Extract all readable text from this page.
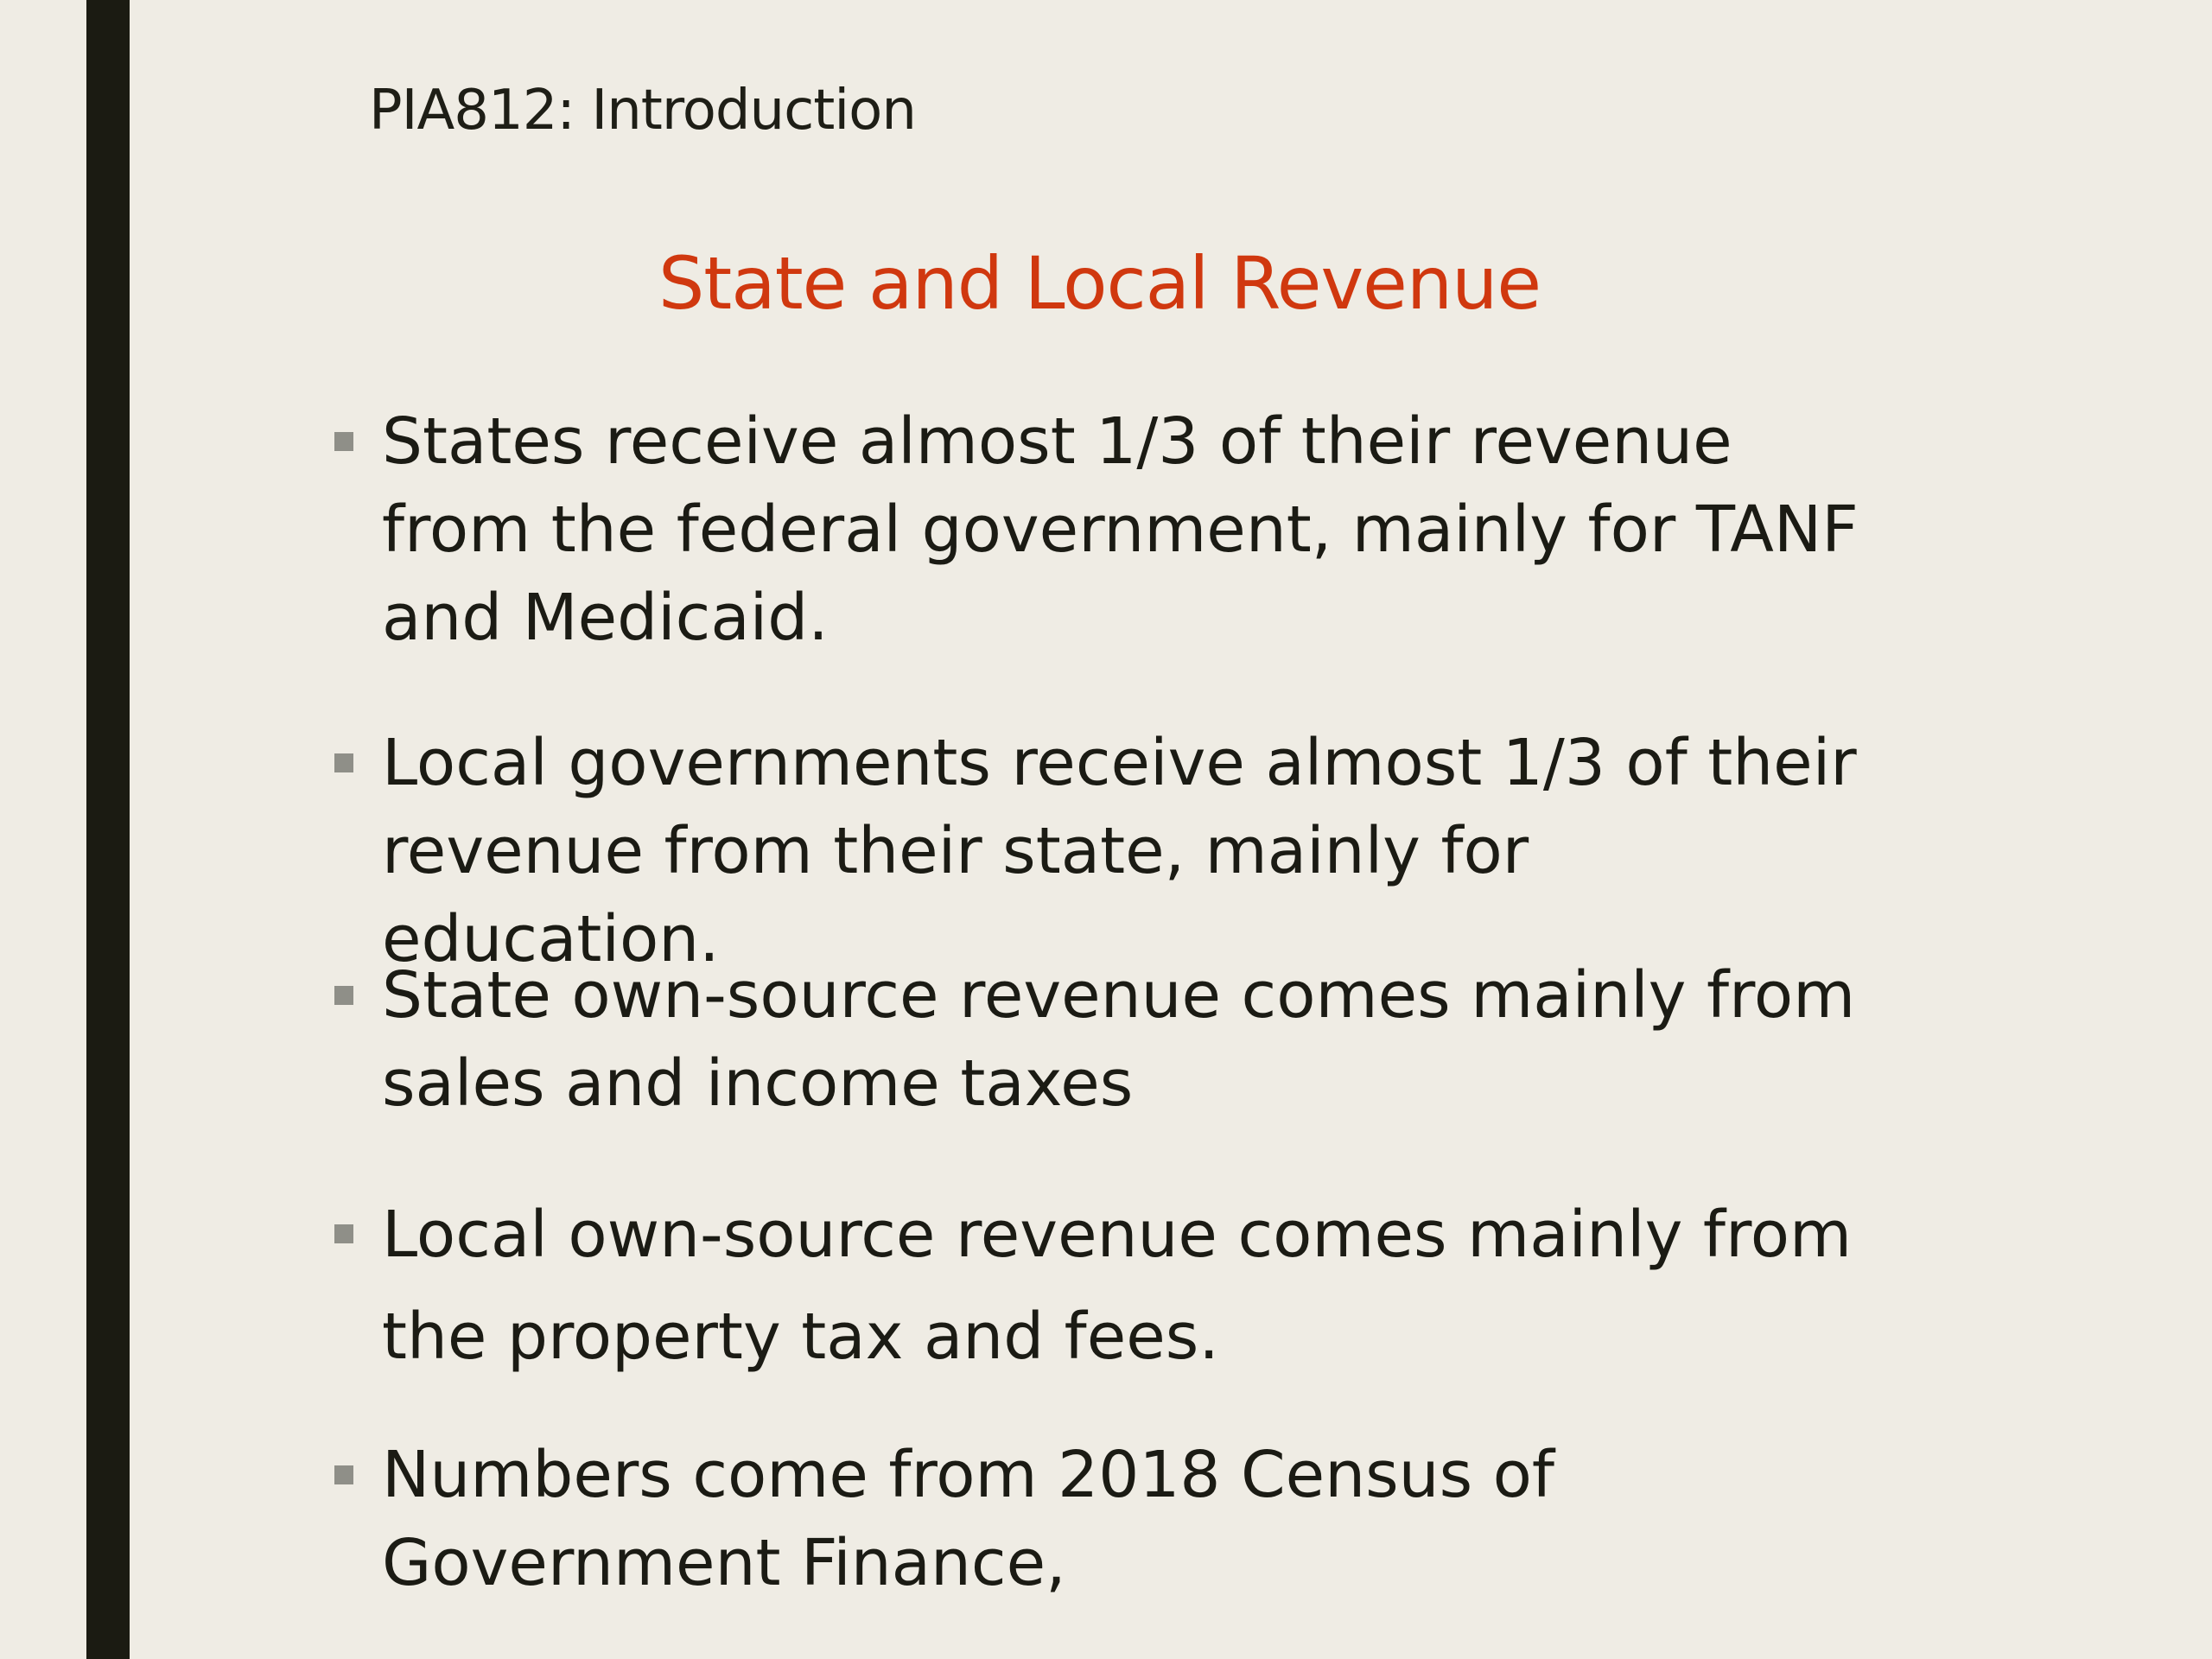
PIA812: Introduction
State and Local Revenue
States receive almost 1/3 of their revenue
from the federal government, mainly for TANF
and Medicaid.
Local governments receive almost 1/3 of their
revenue from their state, mainly for education.
State own-source revenue comes mainly from
sales and income taxes
Local own-source revenue comes mainly from
the property tax and fees.
Numbers come from 2018 Census of
Government Finance,
